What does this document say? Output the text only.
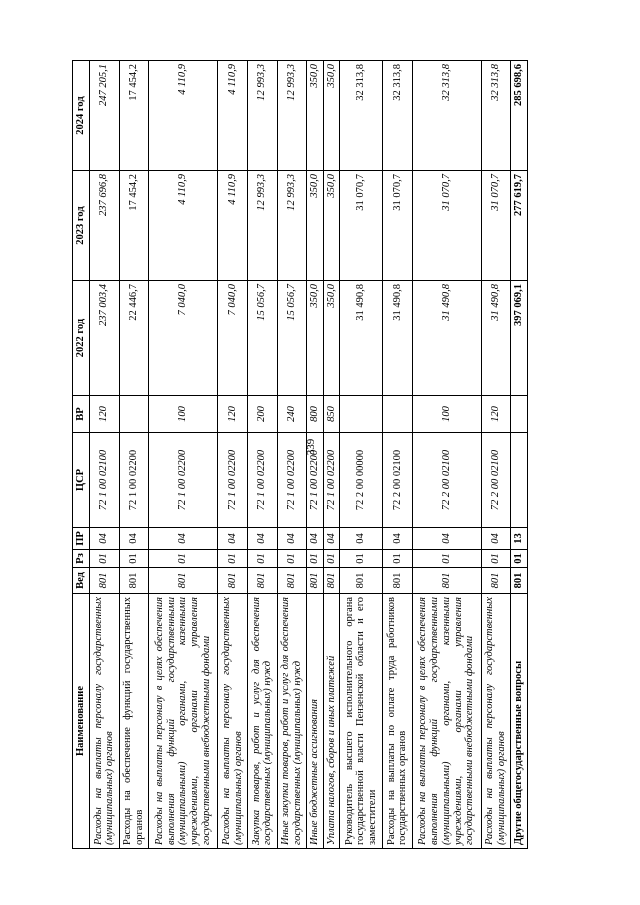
339
Наименование	Вед	Рз	ПР	ЦСР	ВР	2022 год	2023 год	2024 год
Расходы на выплаты персоналу государственных (муниципальных) органов	801	01	04	72 1 00 02100	120	237 003,4	237 696,8	247 205,1
Расходы на обеспечение функций государственных органов	801	01	04	72 1 00 02200		22 446,7	17 454,2	17 454,2
Расходы на выплаты персоналу в целях обеспечения выполнения функций государственными (муниципальными) органами, казенными учреждениями, органами управления государственными внебюджетными фондами	801	01	04	72 1 00 02200	100	7 040,0	4 110,9	4 110,9
Расходы на выплаты персоналу государственных (муниципальных) органов	801	01	04	72 1 00 02200	120	7 040,0	4 110,9	4 110,9
Закупка товаров, работ и услуг для обеспечения государственных (муниципальных) нужд	801	01	04	72 1 00 02200	200	15 056,7	12 993,3	12 993,3
Иные закупки товаров, работ и услуг для обеспечения государственных (муниципальных) нужд	801	01	04	72 1 00 02200	240	15 056,7	12 993,3	12 993,3
Иные бюджетные ассигнования	801	01	04	72 1 00 02200	800	350,0	350,0	350,0
Уплата налогов, сборов и иных платежей	801	01	04	72 1 00 02200	850	350,0	350,0	350,0
Руководитель высшего исполнительного органа государственной власти Пензенской области и его заместители	801	01	04	72 2 00 00000		31 490,8	31 070,7	32 313,8
Расходы на выплаты по оплате труда работников государственных органов	801	01	04	72 2 00 02100		31 490,8	31 070,7	32 313,8
Расходы на выплаты персоналу в целях обеспечения выполнения функций государственными (муниципальными) органами, казенными учреждениями, органами управления государственными внебюджетными фондами	801	01	04	72 2 00 02100	100	31 490,8	31 070,7	32 313,8
Расходы на выплаты персоналу государственных (муниципальных) органов	801	01	04	72 2 00 02100	120	31 490,8	31 070,7	32 313,8
Другие общегосударственные вопросы	801	01	13			397 069,1	277 619,7	285 698,6
